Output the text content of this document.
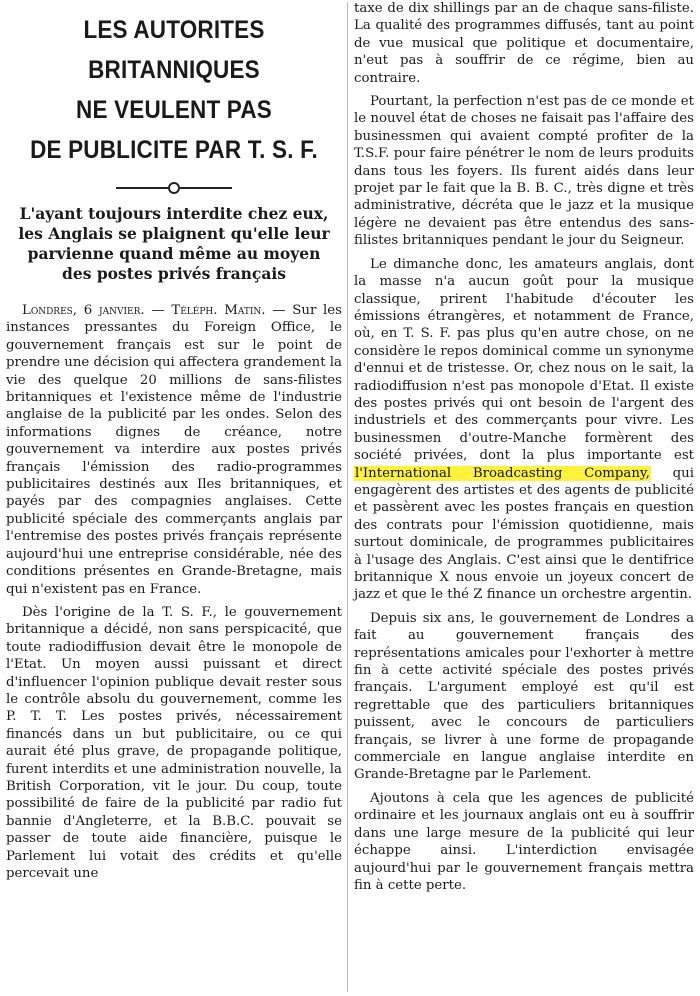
LES AUTORITES BRITANNIQUES
NE VEULENT PAS
DE PUBLICITE PAR T. S. F.
L'ayant toujours interdite chez eux, les Anglais se plaignent qu'elle leur parvienne quand même au moyen des postes privés français

Londres, 6 janvier. — Téléph. Matin. — Sur les instances pressantes du Foreign Office, le gouvernement français est sur le point de prendre une décision qui affectera grandement la vie des quelque 20 millions de sans-filistes britanniques et l'existence même de l'industrie anglaise de la publicité par les ondes. Selon des informations dignes de créance, notre gouvernement va interdire aux postes privés français l'émission des radio-programmes publicitaires destinés aux Iles britanniques, et payés par des compagnies anglaises. Cette publicité spéciale des commerçants anglais par l'entremise des postes privés français représente aujourd'hui une entreprise considérable, née des conditions présentes en Grande-Bretagne, mais qui n'existent pas en France.

Dès l'origine de la T. S. F., le gouvernement britannique a décidé, non sans perspicacité, que toute radiodiffusion devait être le monopole de l'Etat. Un moyen aussi puissant et direct d'influencer l'opinion publique devait rester sous le contrôle absolu du gouvernement, comme les P. T. T. Les postes privés, nécessairement financés dans un but publicitaire, ou ce qui aurait été plus grave, de propagande politique, furent interdits et une administration nouvelle, la British Corporation, vit le jour. Du coup, toute possibilité de faire de la publicité par radio fut bannie d'Angleterre, et la B.B.C. pouvait se passer de toute aide financière, puisque le Parlement lui votait des crédits et qu'elle percevait une

taxe de dix shillings par an de chaque sans-filiste. La qualité des programmes diffusés, tant au point de vue musical que politique et documentaire, n'eut pas à souffrir de ce régime, bien au contraire.

Pourtant, la perfection n'est pas de ce monde et le nouvel état de choses ne faisait pas l'affaire des businessmen qui avaient compté profiter de la T.S.F. pour faire pénétrer le nom de leurs produits dans tous les foyers. Ils furent aidés dans leur projet par le fait que la B. B. C., très digne et très administrative, décréta que le jazz et la musique légère ne devaient pas être entendus des sans-filistes britanniques pendant le jour du Seigneur.

Le dimanche donc, les amateurs anglais, dont la masse n'a aucun goût pour la musique classique, prirent l'habitude d'écouter les émissions étrangères, et notamment de France, où, en T. S. F. pas plus qu'en autre chose, on ne considère le repos dominical comme un synonyme d'ennui et de tristesse. Or, chez nous on le sait, la radiodiffusion n'est pas monopole d'Etat. Il existe des postes privés qui ont besoin de l'argent des industriels et des commerçants pour vivre. Les businessmen d'outre-Manche formèrent des société privées, dont la plus importante est l'International Broadcasting Company, qui engagèrent des artistes et des agents de publicité et passèrent avec les postes français en question des contrats pour l'émission quotidienne, mais surtout dominicale, de programmes publicitaires à l'usage des Anglais. C'est ainsi que le dentifrice britannique X nous envoie un joyeux concert de jazz et que le thé Z finance un orchestre argentin.

Depuis six ans, le gouvernement de Londres a fait au gouvernement français des représentations amicales pour l'exhorter à mettre fin à cette activité spéciale des postes privés français. L'argument employé est qu'il est regrettable que des particuliers britanniques puissent, avec le concours de particuliers français, se livrer à une forme de propagande commerciale en langue anglaise interdite en Grande-Bretagne par le Parlement.

Ajoutons à cela que les agences de publicité ordinaire et les journaux anglais ont eu à souffrir dans une large mesure de la publicité qui leur échappe ainsi. L'interdiction envisagée aujourd'hui par le gouvernement français mettra fin à cette perte.
